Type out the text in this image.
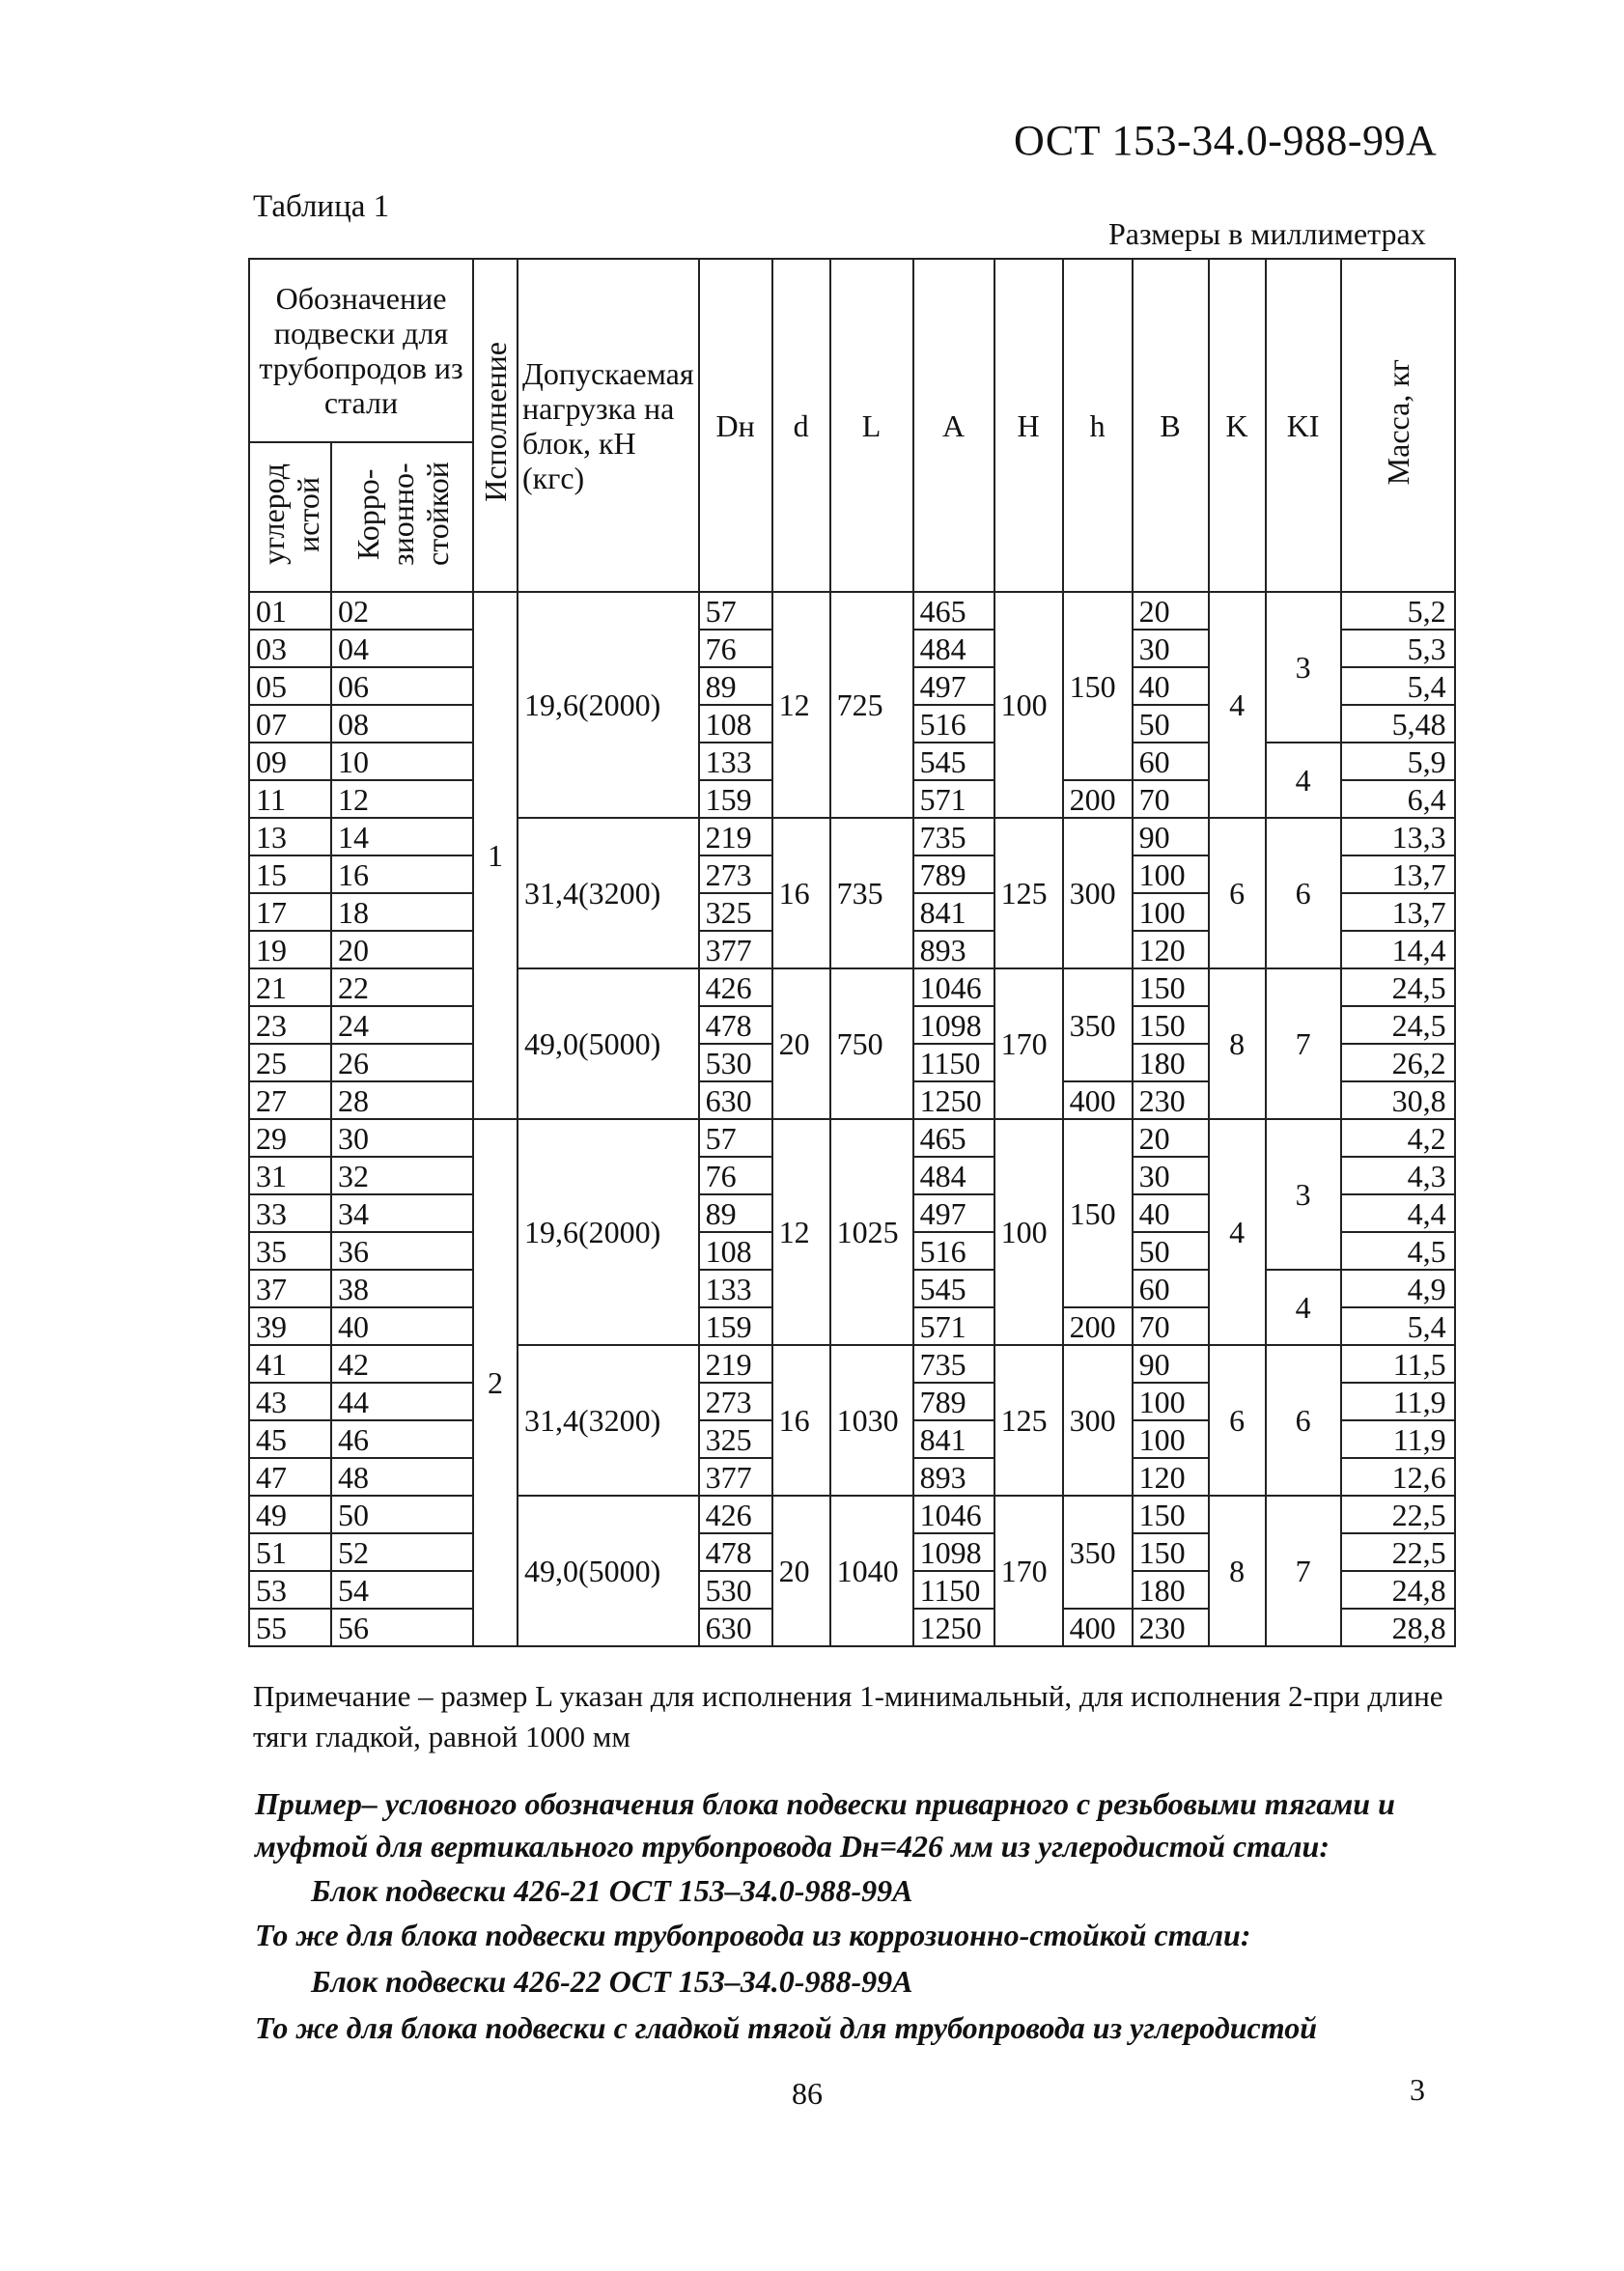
ОСТ 153-34.0-988-99А
Таблица 1
Размеры в миллиметрах
Обозначение подвески для трубопродов из стали		Исполнение	Допускаемая нагрузка на блок, кН (кгс)	Dн	d	L	A	H	h	B	K	KI	Масса, кг
углерод истой	Корро-зионно-стойкой												
01	02	1	19,6(2000)	57	12	725	465	100	150	20	4	3	5,2
03	04			76			484			30			5,3
05	06			89			497			40			5,4
07	08			108			516			50			5,48
09	10			133			545			60		4	5,9
11	12			159			571		200	70			6,4
13	14		31,4(3200)	219	16	735	735	125	300	90	6	6	13,3
15	16			273			789			100			13,7
17	18			325			841			100			13,7
19	20			377			893			120			14,4
21	22		49,0(5000)	426	20	750	1046	170	350	150	8	7	24,5
23	24			478			1098			150			24,5
25	26			530			1150			180			26,2
27	28			630			1250		400	230			30,8
29	30	2	19,6(2000)	57	12	1025	465	100	150	20	4	3	4,2
31	32			76			484			30			4,3
33	34			89			497			40			4,4
35	36			108			516			50			4,5
37	38			133			545			60		4	4,9
39	40			159			571		200	70			5,4
41	42		31,4(3200)	219	16	1030	735	125	300	90	6	6	11,5
43	44			273			789			100			11,9
45	46			325			841			100			11,9
47	48			377			893			120			12,6
49	50		49,0(5000)	426	20	1040	1046	170	350	150	8	7	22,5
51	52			478			1098			150			22,5
53	54			530			1150			180			24,8
55	56			630			1250		400	230			28,8
Примечание – размер L указан для исполнения 1-минимальный, для исполнения 2-при длине тяги гладкой, равной 1000 мм
Пример– условного обозначения блока подвески приварного с резьбовыми тягами и муфтой для вертикального трубопровода Dн=426 мм из углеродистой стали:
Блок подвески 426-21 ОСТ 153–34.0-988-99А
То же для блока подвески трубопровода из коррозионно-стойкой стали:
Блок подвески 426-22 ОСТ 153–34.0-988-99А
То же для блока подвески с гладкой тягой для трубопровода из углеродистой
86	3
